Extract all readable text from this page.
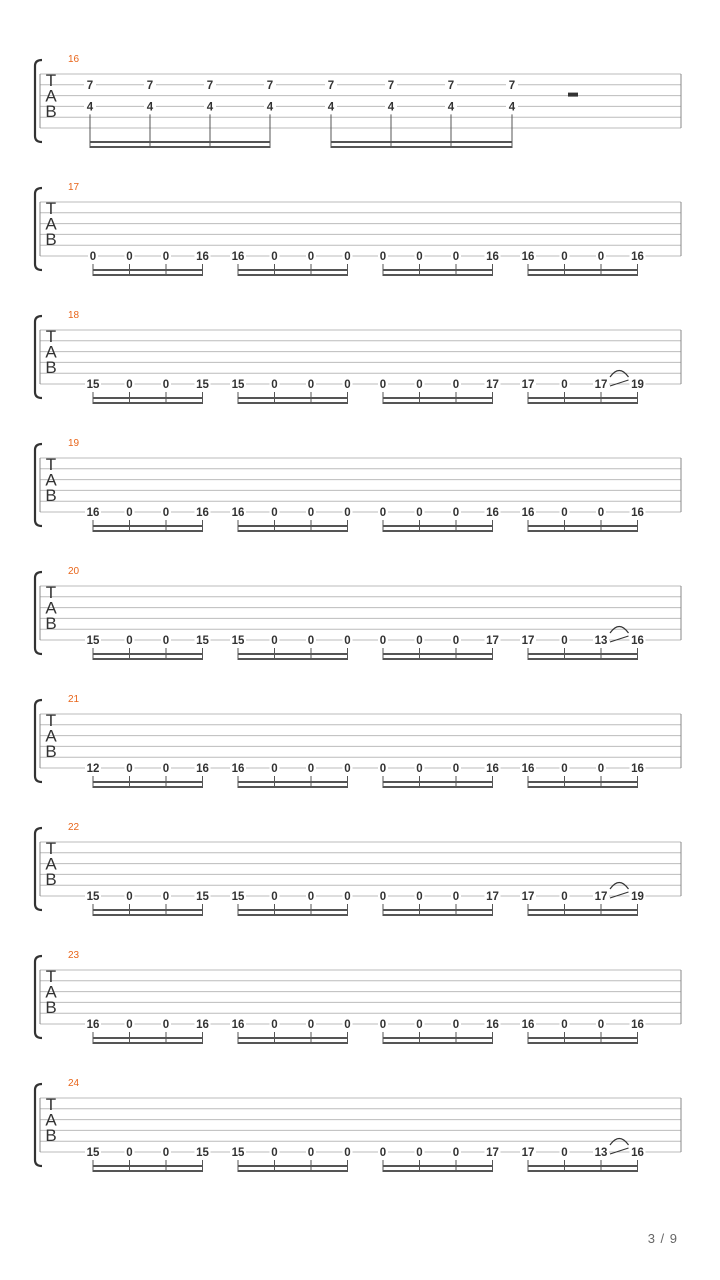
16
T
A
B
7
4
7
4
7
4
7
4
7
4
7
4
7
4
7
4
17
T
A
B
0	0	0 16 16 0	0	0	0	0	0 16 16 0	0 16
18
T
A
B
15 0	0 15 15 0	0	0	0	0	0 17 17 0 17 19
19
T
A
B
16 0	0 16 16 0	0	0	0	0	0 16 16 0	0 16
20
T
A
B
15 0	0 15 15 0	0	0	0	0	0 17 17 0 13 16
21
T
A
B
12 0	0 16 16 0	0	0	0	0	0 16 16 0	0 16
22
T
A
B
15 0	0 15 15 0	0	0	0	0	0 17 17 0 17 19
23
T
A
B
16 0	0 16 16 0	0	0	0	0	0 16 16 0	0 16
24
T
A
B
15 0	0 15 15 0	0	0	0	0	0 17 17 0 13 16
3 / 9
